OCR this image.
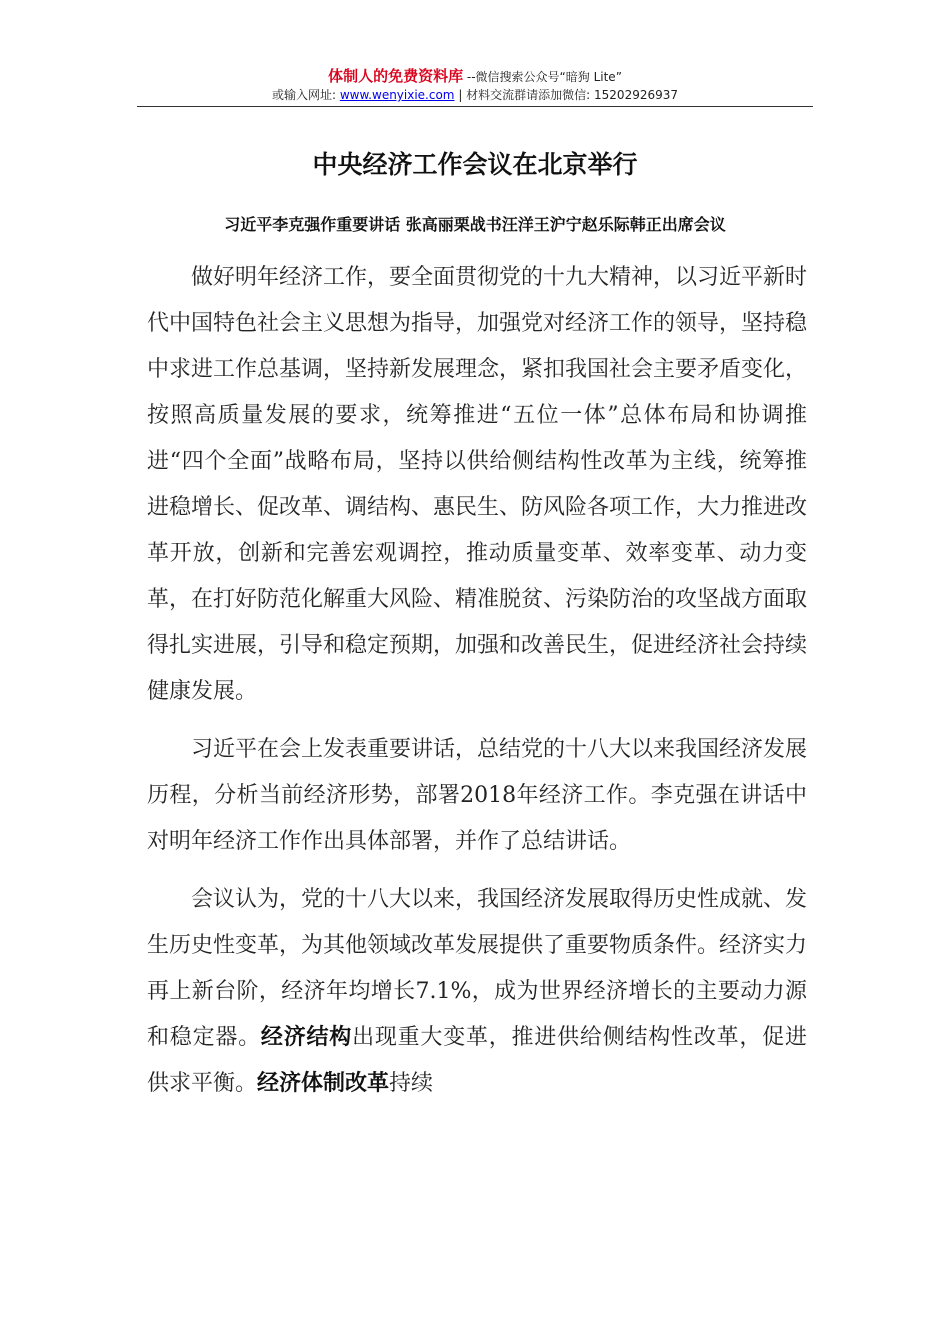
体制人的免费资料库 --微信搜索公众号“暗狗 Lite”
或输入网址: www.wenyixie.com | 材料交流群请添加微信: 15202926937
中央经济工作会议在北京举行
习近平李克强作重要讲话 张高丽栗战书汪洋王沪宁赵乐际韩正出席会议

做好明年经济工作，要全面贯彻党的十九大精神，以习近平新时代中国特色社会主义思想为指导，加强党对经济工作的领导，坚持稳中求进工作总基调，坚持新发展理念，紧扣我国社会主要矛盾变化，按照高质量发展的要求，统筹推进“五位一体”总体布局和协调推进“四个全面”战略布局，坚持以供给侧结构性改革为主线，统筹推进稳增长、促改革、调结构、惠民生、防风险各项工作，大力推进改革开放，创新和完善宏观调控，推动质量变革、效率变革、动力变革，在打好防范化解重大风险、精准脱贫、污染防治的攻坚战方面取得扎实进展，引导和稳定预期，加强和改善民生，促进经济社会持续健康发展。

习近平在会上发表重要讲话，总结党的十八大以来我国经济发展历程，分析当前经济形势，部署2018年经济工作。李克强在讲话中对明年经济工作作出具体部署，并作了总结讲话。

会议认为，党的十八大以来，我国经济发展取得历史性成就、发生历史性变革，为其他领域改革发展提供了重要物质条件。经济实力再上新台阶，经济年均增长7.1%，成为世界经济增长的主要动力源和稳定器。经济结构出现重大变革，推进供给侧结构性改革，促进供求平衡。经济体制改革持续
